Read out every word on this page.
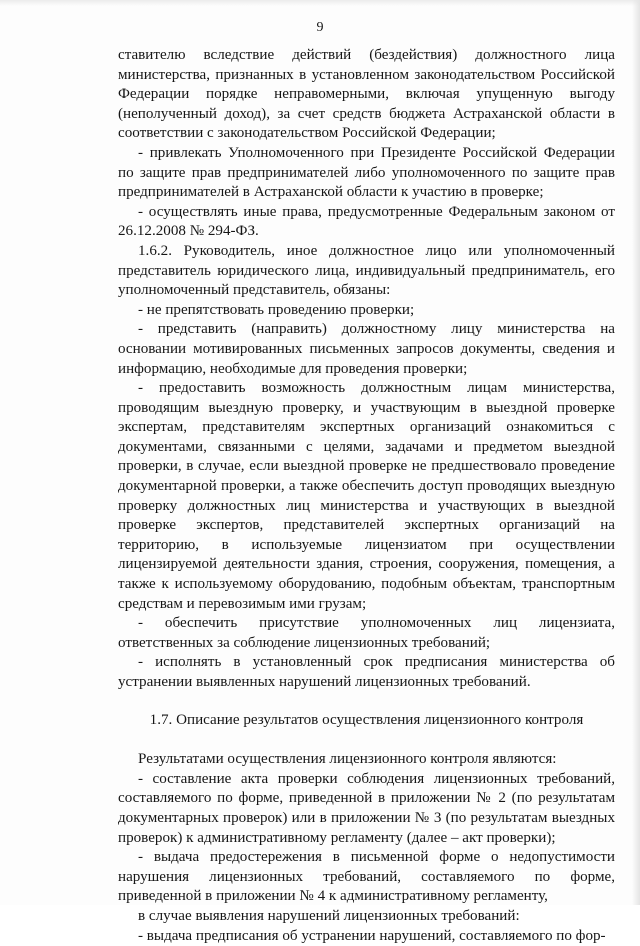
9

ставителю вследствие действий (бездействия) должностного лица министерства, признанных в установленном законодательством Российской Федерации порядке неправомерными, включая упущенную выгоду (неполученный доход), за счет средств бюджета Астраханской области в соответствии с законодательством Российской Федерации;

- привлекать Уполномоченного при Президенте Российской Федерации по защите прав предпринимателей либо уполномоченного по защите прав предпринимателей в Астраханской области к участию в проверке;

- осуществлять иные права, предусмотренные Федеральным законом от 26.12.2008 № 294-ФЗ.

1.6.2. Руководитель, иное должностное лицо или уполномоченный представитель юридического лица, индивидуальный предприниматель, его уполномоченный представитель, обязаны:

- не препятствовать проведению проверки;

- представить (направить) должностному лицу министерства на основании мотивированных письменных запросов документы, сведения и информацию, необходимые для проведения проверки;

- предоставить возможность должностным лицам министерства, проводящим выездную проверку, и участвующим в выездной проверке экспертам, представителям экспертных организаций ознакомиться с документами, связанными с целями, задачами и предметом выездной проверки, в случае, если выездной проверке не предшествовало проведение документарной проверки, а также обеспечить доступ проводящих выездную проверку должностных лиц министерства и участвующих в выездной проверке экспертов, представителей экспертных организаций на территорию, в используемые лицензиатом при осуществлении лицензируемой деятельности здания, строения, сооружения, помещения, а также к используемому оборудованию, подобным объектам, транспортным средствам и перевозимым ими грузам;

- обеспечить присутствие уполномоченных лиц лицензиата, ответственных за соблюдение лицензионных требований;

- исполнять в установленный срок предписания министерства об устранении выявленных нарушений лицензионных требований.

1.7. Описание результатов осуществления лицензионного контроля

Результатами осуществления лицензионного контроля являются:

- составление акта проверки соблюдения лицензионных требований, составляемого по форме, приведенной в приложении № 2 (по результатам документарных проверок) или в приложении № 3 (по результатам выездных проверок) к административному регламенту (далее – акт проверки);

- выдача предостережения в письменной форме о недопустимости нарушения лицензионных требований, составляемого по форме, приведенной в приложении № 4 к административному регламенту,

в случае выявления нарушений лицензионных требований:

- выдача предписания об устранении нарушений, составляемого по фор-
